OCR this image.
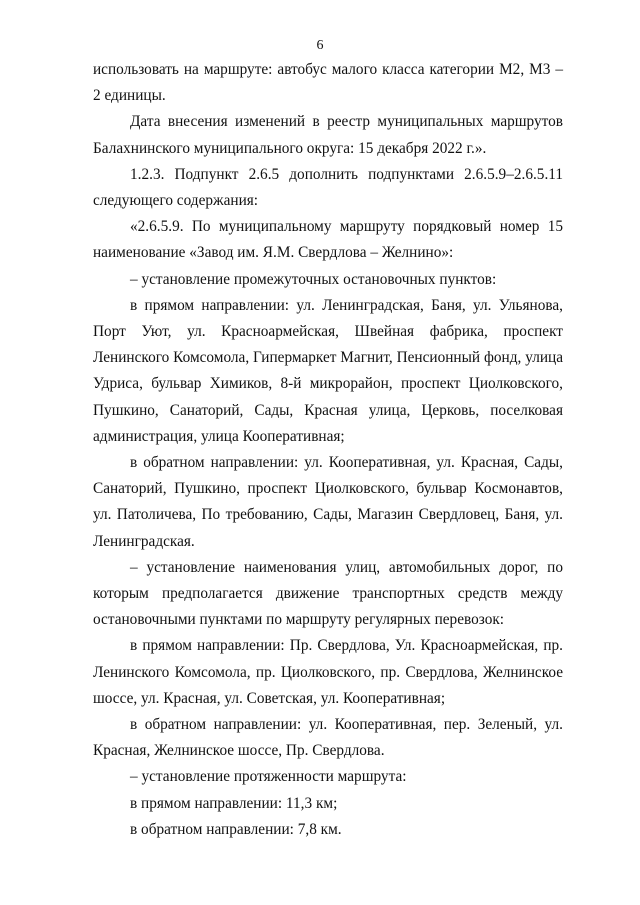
6

использовать на маршруте: автобус малого класса категории М2, М3 – 2 единицы.

Дата внесения изменений в реестр муниципальных маршрутов Балахнинского муниципального округа: 15 декабря 2022 г.».

1.2.3. Подпункт 2.6.5 дополнить подпунктами 2.6.5.9–2.6.5.11 следующего содержания:

«2.6.5.9. По муниципальному маршруту порядковый номер 15 наименование «Завод им. Я.М. Свердлова – Желнино»:

– установление промежуточных остановочных пунктов:

в прямом направлении: ул. Ленинградская, Баня, ул. Ульянова, Порт Уют, ул. Красноармейская, Швейная фабрика, проспект Ленинского Комсомола, Гипермаркет Магнит, Пенсионный фонд, улица Удриса, бульвар Химиков, 8-й микрорайон, проспект Циолковского, Пушкино, Санаторий, Сады, Красная улица, Церковь, поселковая администрация, улица Кооперативная;

в обратном направлении: ул. Кооперативная, ул. Красная, Сады, Санаторий, Пушкино, проспект Циолковского, бульвар Космонавтов, ул. Патоличева, По требованию, Сады, Магазин Свердловец, Баня, ул. Ленинградская.

– установление наименования улиц, автомобильных дорог, по которым предполагается движение транспортных средств между остановочными пунктами по маршруту регулярных перевозок:

в прямом направлении: Пр. Свердлова, Ул. Красноармейская, пр. Ленинского Комсомола, пр. Циолковского, пр. Свердлова, Желнинское шоссе, ул. Красная, ул. Советская, ул. Кооперативная;

в обратном направлении: ул. Кооперативная, пер. Зеленый, ул. Красная, Желнинское шоссе, Пр. Свердлова.

– установление протяженности маршрута:

в прямом направлении: 11,3 км;

в обратном направлении: 7,8 км.
